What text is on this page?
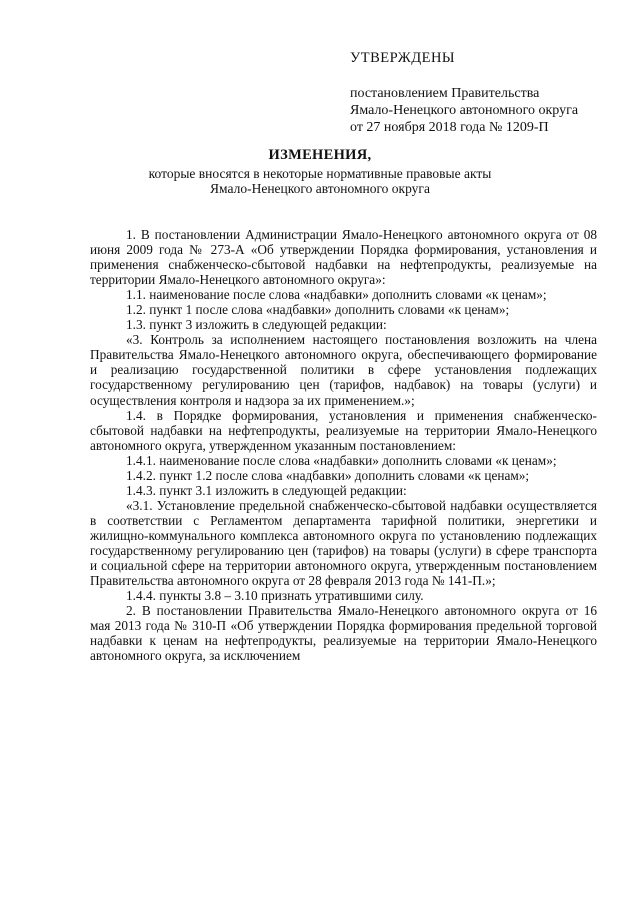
УТВЕРЖДЕНЫ
постановлением Правительства
Ямало-Ненецкого автономного округа
от 27 ноября 2018 года № 1209-П
ИЗМЕНЕНИЯ,
которые вносятся в некоторые нормативные правовые акты
Ямало-Ненецкого автономного округа

1. В постановлении Администрации Ямало-Ненецкого автономного округа от 08 июня 2009 года № 273-А «Об утверждении Порядка формирования, установления и применения снабженческо-сбытовой надбавки на нефтепродукты, реализуемые на территории Ямало-Ненецкого автономного округа»:

1.1. наименование после слова «надбавки» дополнить словами «к ценам»;

1.2. пункт 1 после слова «надбавки» дополнить словами «к ценам»;

1.3. пункт 3 изложить в следующей редакции:

«3. Контроль за исполнением настоящего постановления возложить на члена Правительства Ямало-Ненецкого автономного округа, обеспечивающего формирование и реализацию государственной политики в сфере установления подлежащих государственному регулированию цен (тарифов, надбавок) на товары (услуги) и осуществления контроля и надзора за их применением.»;

1.4. в Порядке формирования, установления и применения снабженческо-сбытовой надбавки на нефтепродукты, реализуемые на территории Ямало-Ненецкого автономного округа, утвержденном указанным постановлением:

1.4.1. наименование после слова «надбавки» дополнить словами «к ценам»;

1.4.2. пункт 1.2 после слова «надбавки» дополнить словами «к ценам»;

1.4.3. пункт 3.1 изложить в следующей редакции:

«3.1. Установление предельной снабженческо-сбытовой надбавки осуществляется в соответствии с Регламентом департамента тарифной политики, энергетики и жилищно-коммунального комплекса автономного округа по установлению подлежащих государственному регулированию цен (тарифов) на товары (услуги) в сфере транспорта и социальной сфере на территории автономного округа, утвержденным постановлением Правительства автономного округа от 28 февраля 2013 года № 141-П.»;

1.4.4. пункты 3.8 – 3.10 признать утратившими силу.

2. В постановлении Правительства Ямало-Ненецкого автономного округа от 16 мая 2013 года № 310-П «Об утверждении Порядка формирования предельной торговой надбавки к ценам на нефтепродукты, реализуемые на территории Ямало-Ненецкого автономного округа, за исключением
